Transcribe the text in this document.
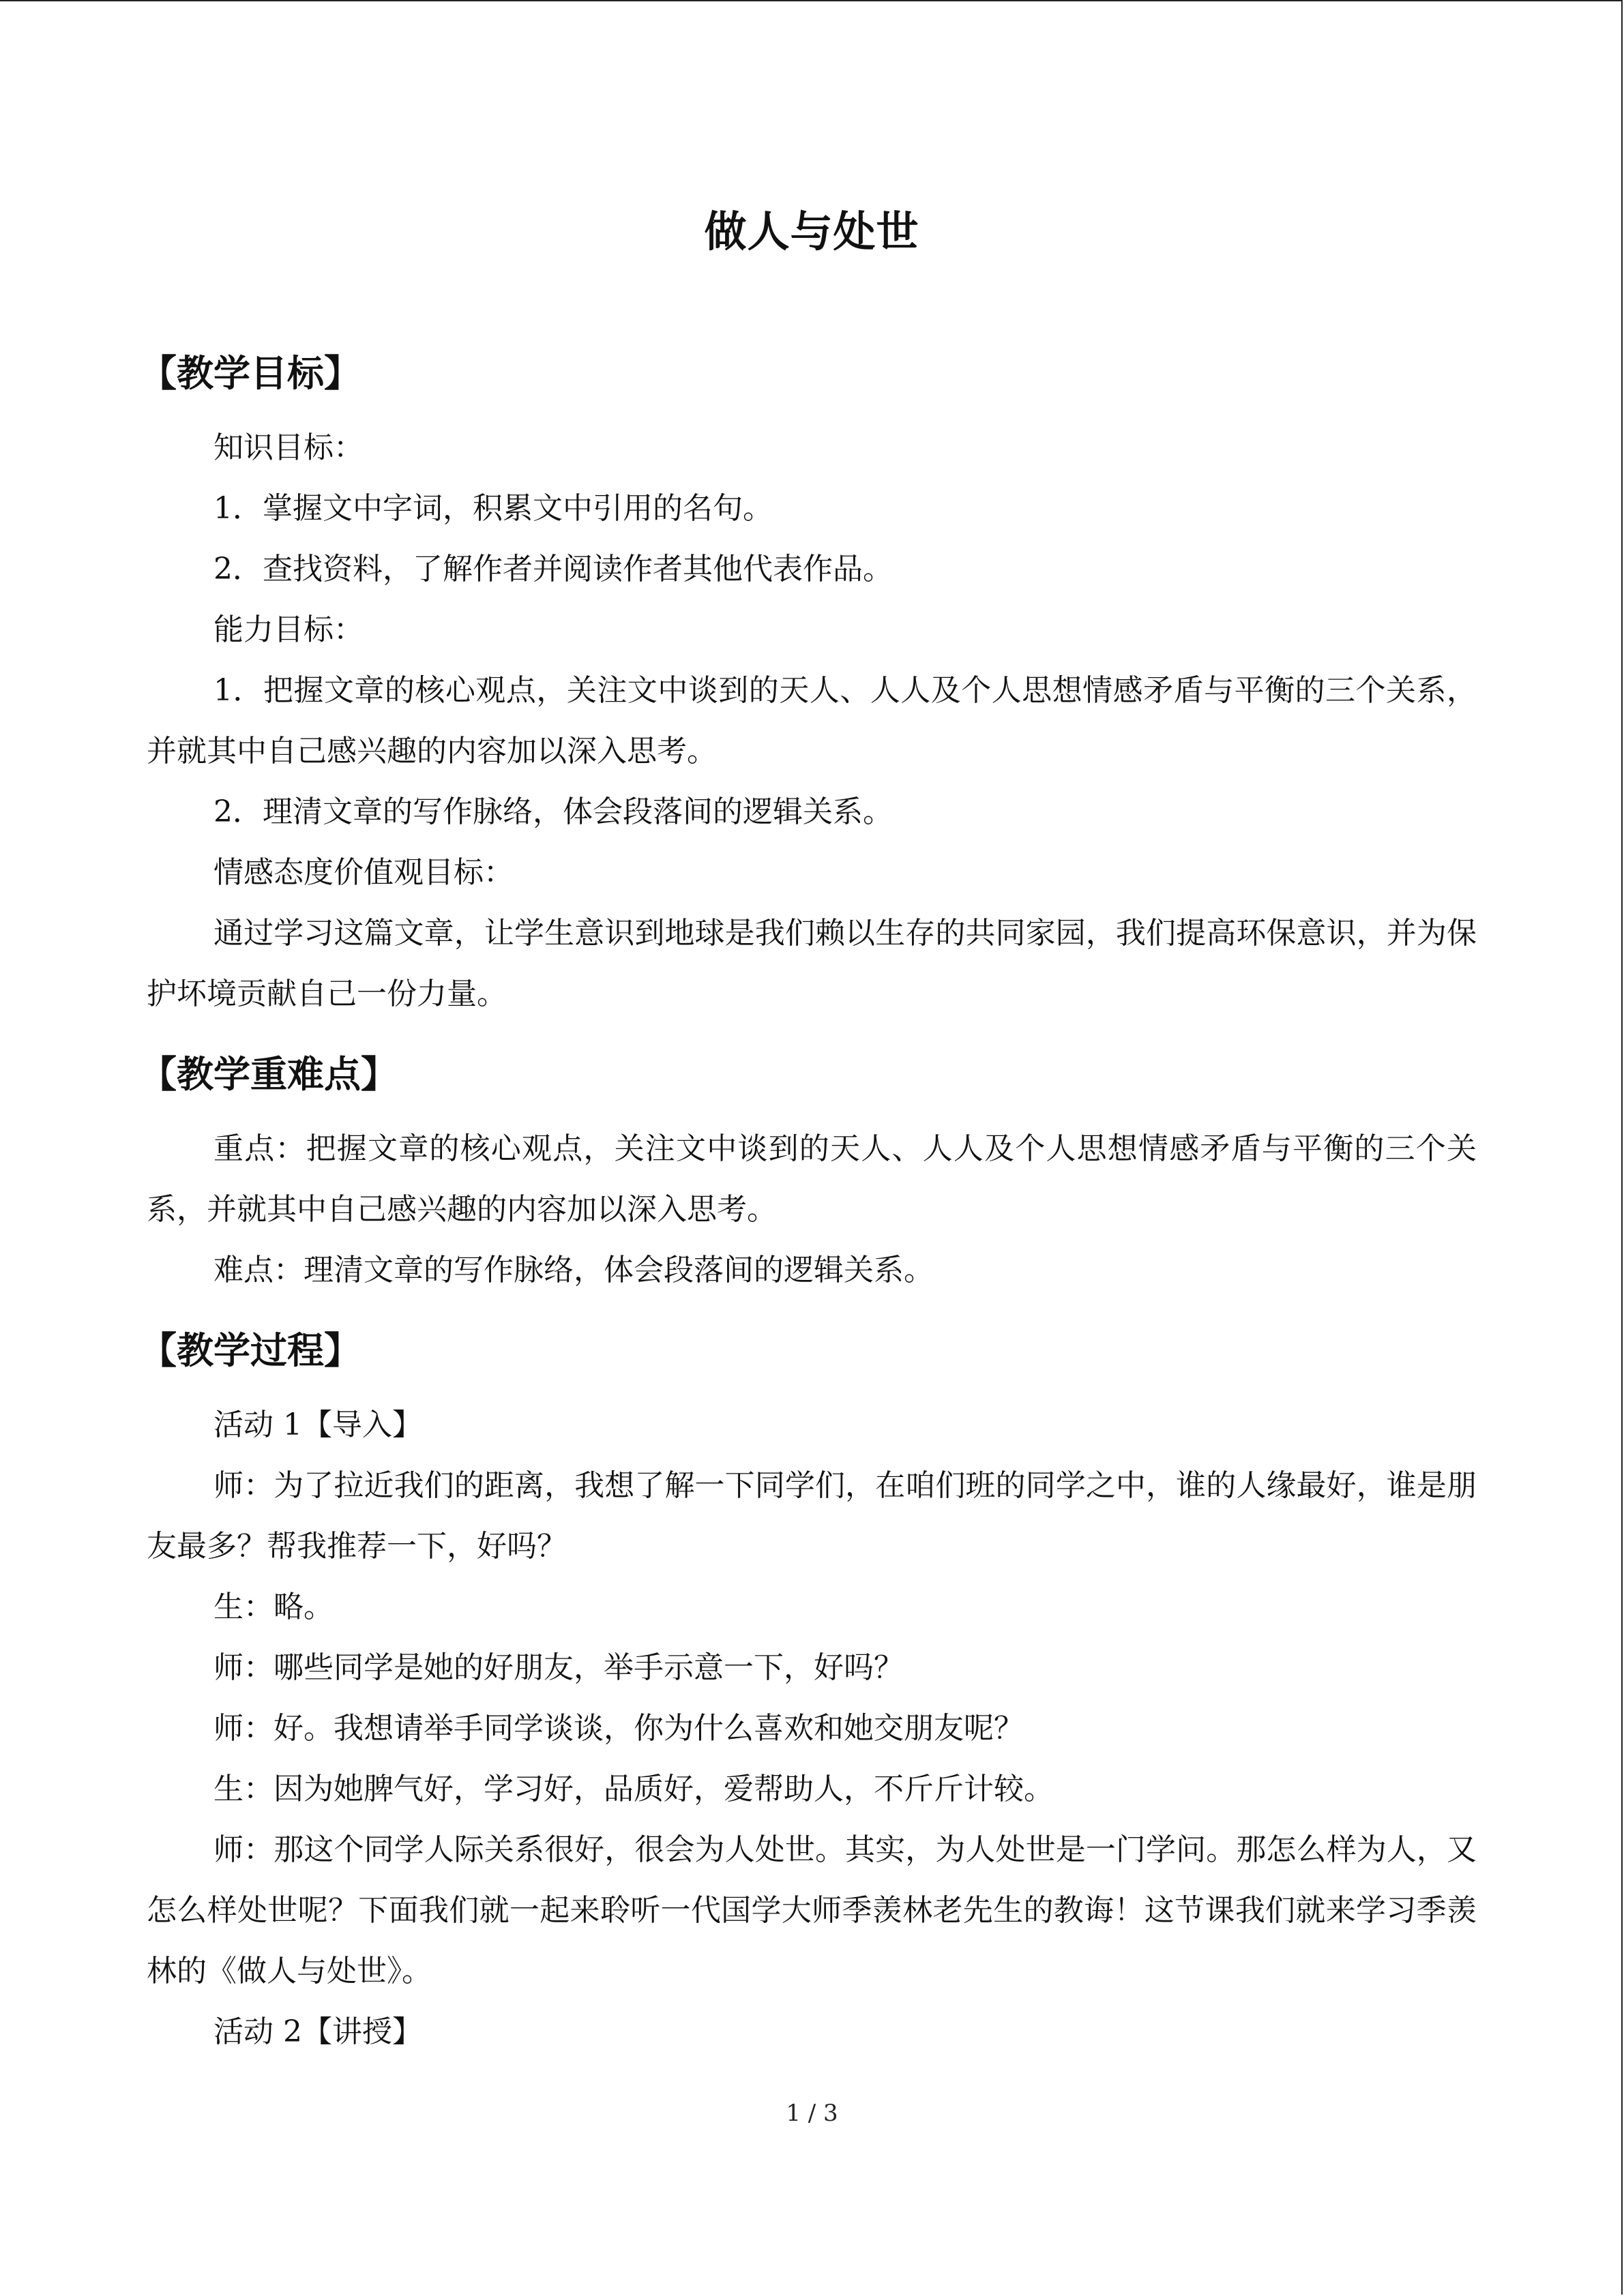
做人与处世
【教学目标】

知识目标：

1．掌握文中字词，积累文中引用的名句。

2．查找资料，了解作者并阅读作者其他代表作品。

能力目标：

1．把握文章的核心观点，关注文中谈到的天人、人人及个人思想情感矛盾与平衡的三个关系，并就其中自己感兴趣的内容加以深入思考。

2．理清文章的写作脉络，体会段落间的逻辑关系。

情感态度价值观目标：

通过学习这篇文章，让学生意识到地球是我们赖以生存的共同家园，我们提高环保意识，并为保护坏境贡献自己一份力量。

【教学重难点】

重点：把握文章的核心观点，关注文中谈到的天人、人人及个人思想情感矛盾与平衡的三个关系，并就其中自己感兴趣的内容加以深入思考。

难点：理清文章的写作脉络，体会段落间的逻辑关系。

【教学过程】

活动 1【导入】

师：为了拉近我们的距离，我想了解一下同学们，在咱们班的同学之中，谁的人缘最好，谁是朋友最多？帮我推荐一下，好吗？

生：略。

师：哪些同学是她的好朋友，举手示意一下，好吗？

师：好。我想请举手同学谈谈，你为什么喜欢和她交朋友呢？

生：因为她脾气好，学习好，品质好，爱帮助人，不斤斤计较。

师：那这个同学人际关系很好，很会为人处世。其实，为人处世是一门学问。那怎么样为人，又怎么样处世呢？下面我们就一起来聆听一代国学大师季羡林老先生的教诲！这节课我们就来学习季羡林的《做人与处世》。

活动 2【讲授】

1 / 3
